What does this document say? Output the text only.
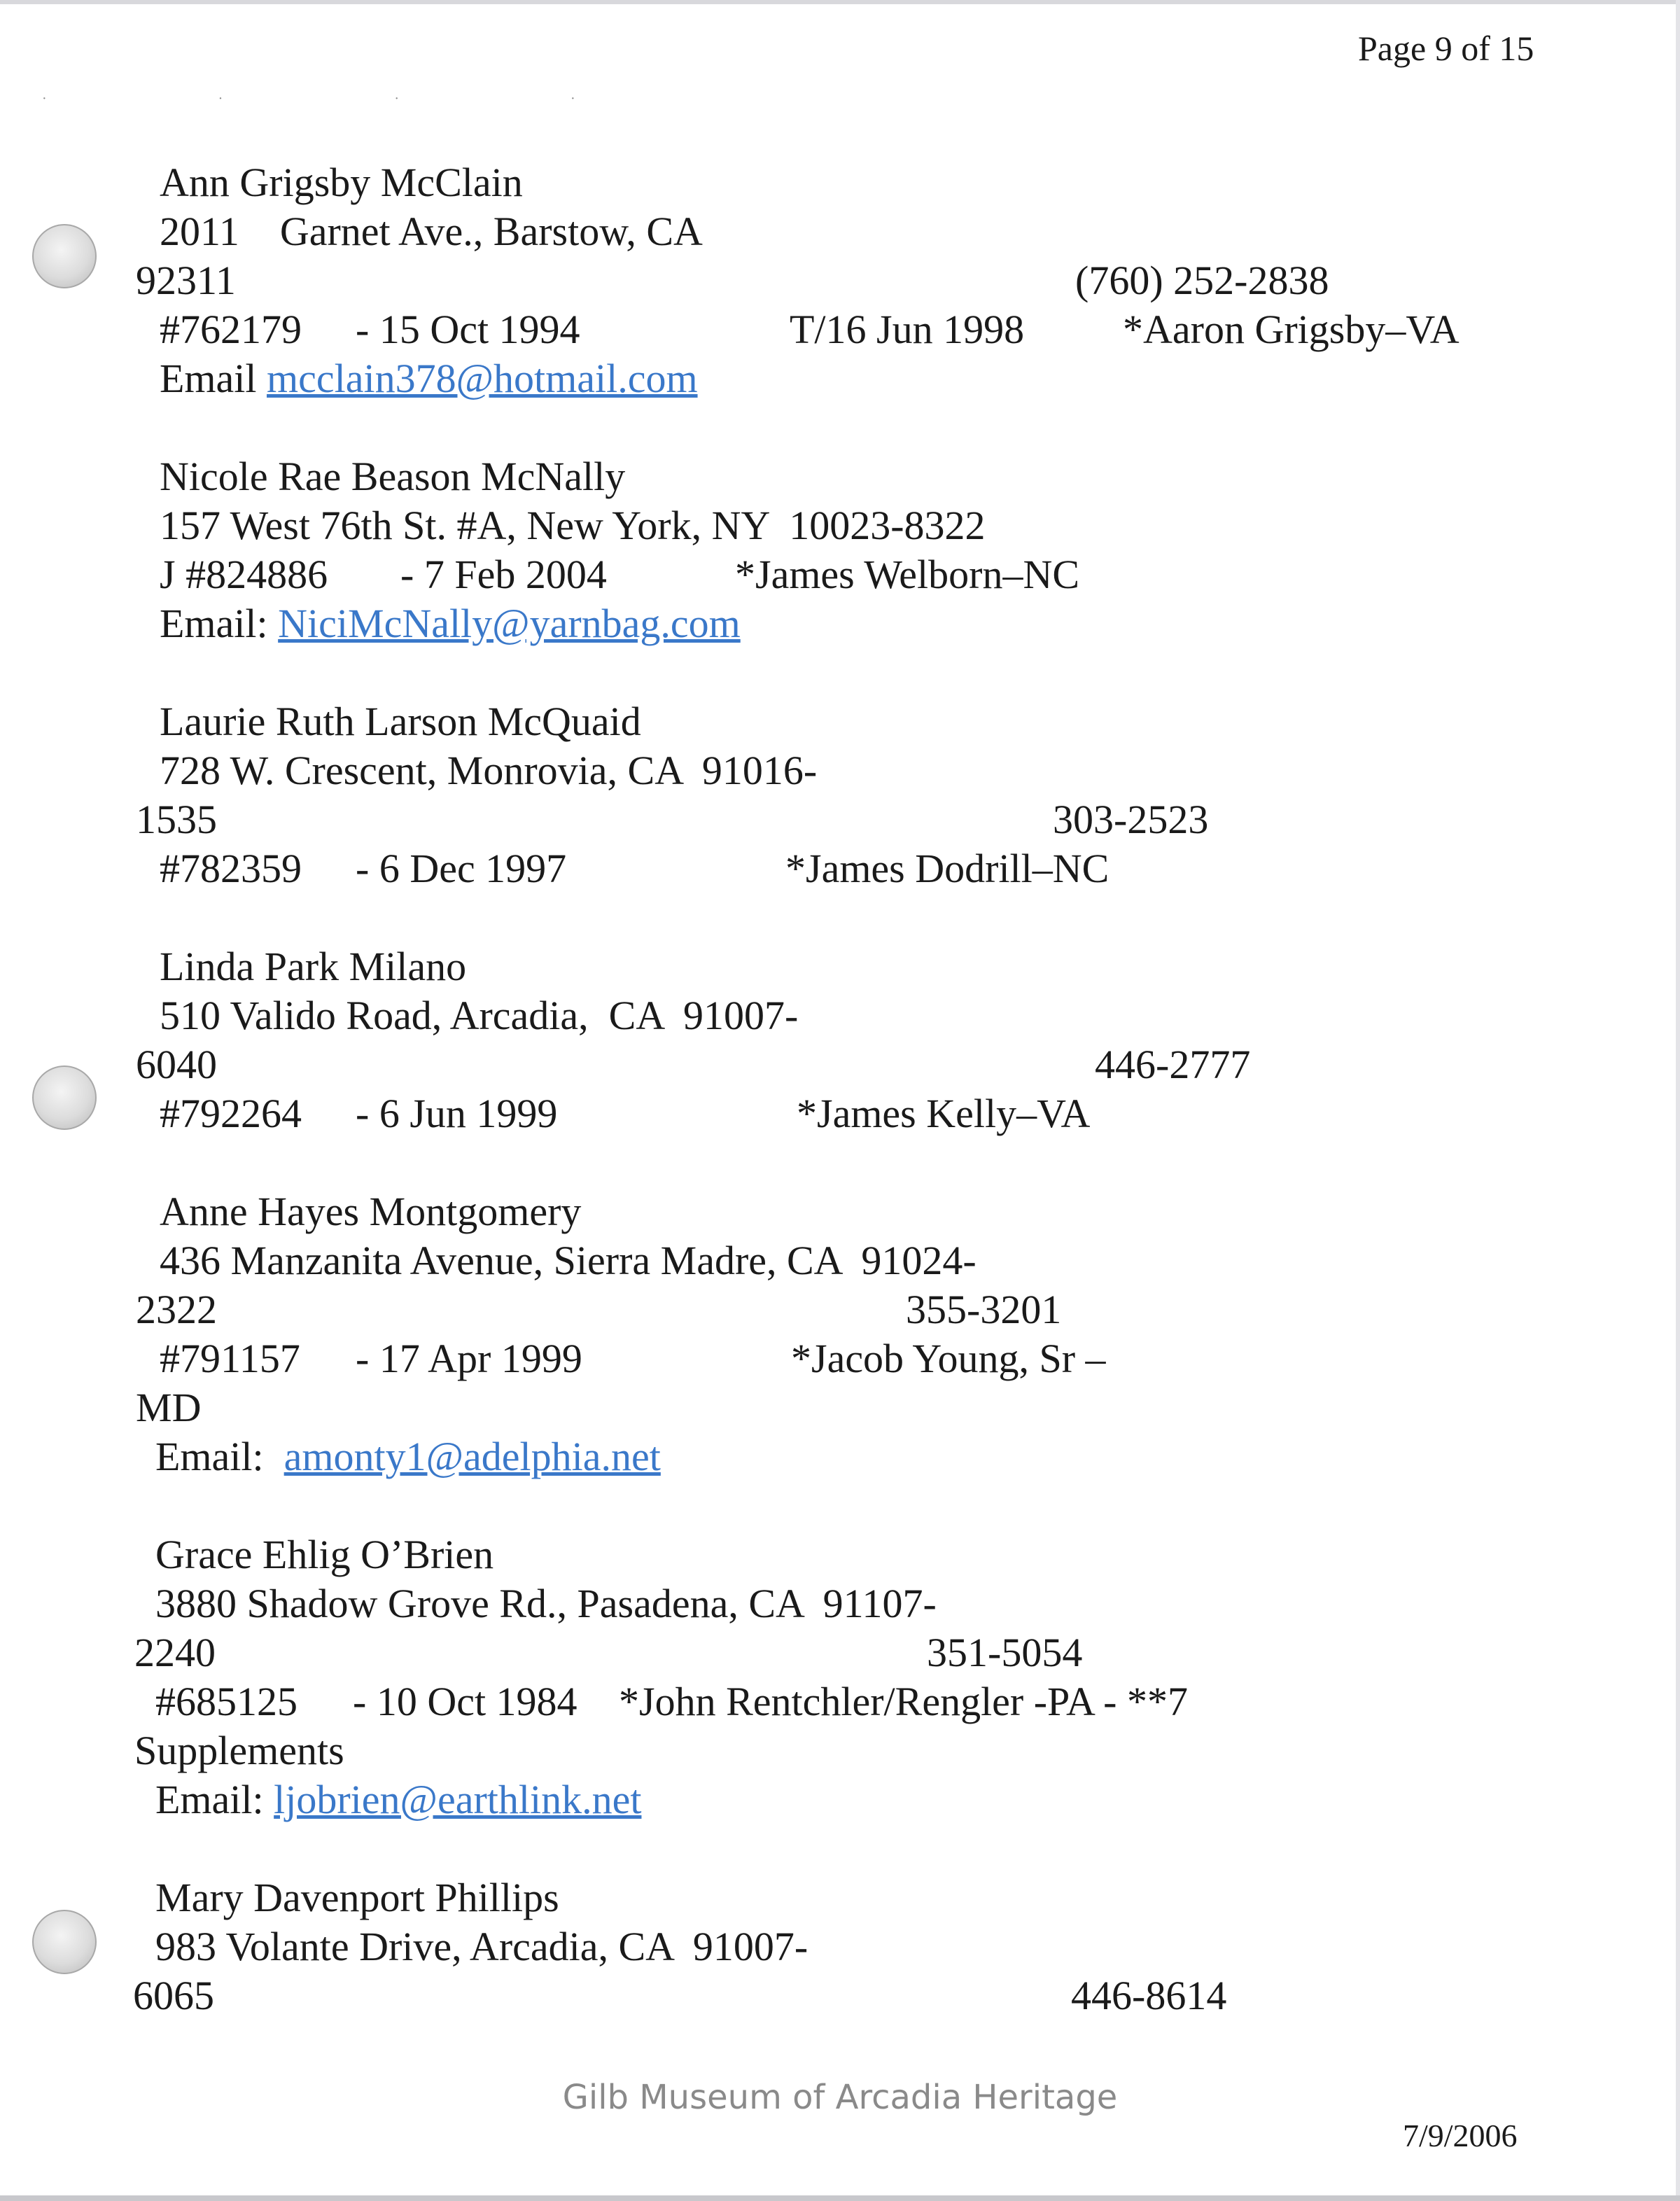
· · · ·
Page 9 of 15
Ann Grigsby McClain
2011    Garnet Ave., Barstow, CA
92311	(760) 252-2838
#762179 - 15 Oct 1994	T/16 Jun 1998 *Aaron Grigsby–VA
Email mcclain378@hotmail.com
Nicole Rae Beason McNally
157 West 76th St. #A, New York, NY  10023-8322
J #824886 - 7 Feb 2004	*James Welborn–NC
Email: NiciMcNally@yarnbag.com
Laurie Ruth Larson McQuaid
728 W. Crescent, Monrovia, CA  91016-
1535	303-2523
#782359 - 6 Dec 1997	*James Dodrill–NC
Linda Park Milano
510 Valido Road, Arcadia,  CA  91007-
6040	446-2777
#792264 - 6 Jun 1999	*James Kelly–VA
Anne Hayes Montgomery
436 Manzanita Avenue, Sierra Madre, CA  91024-
2322	355-3201
#791157 - 17 Apr 1999	*Jacob Young, Sr –
MD
Email: amonty1@adelphia.net
Grace Ehlig O’Brien
3880 Shadow Grove Rd., Pasadena, CA  91107-
2240	351-5054
#685125 - 10 Oct 1984 *John Rentchler/Rengler -PA - **7
Supplements
Email: ljobrien@earthlink.net
Mary Davenport Phillips
983 Volante Drive, Arcadia, CA  91007-
6065	446-8614
Gilb Museum of Arcadia Heritage
7/9/2006
